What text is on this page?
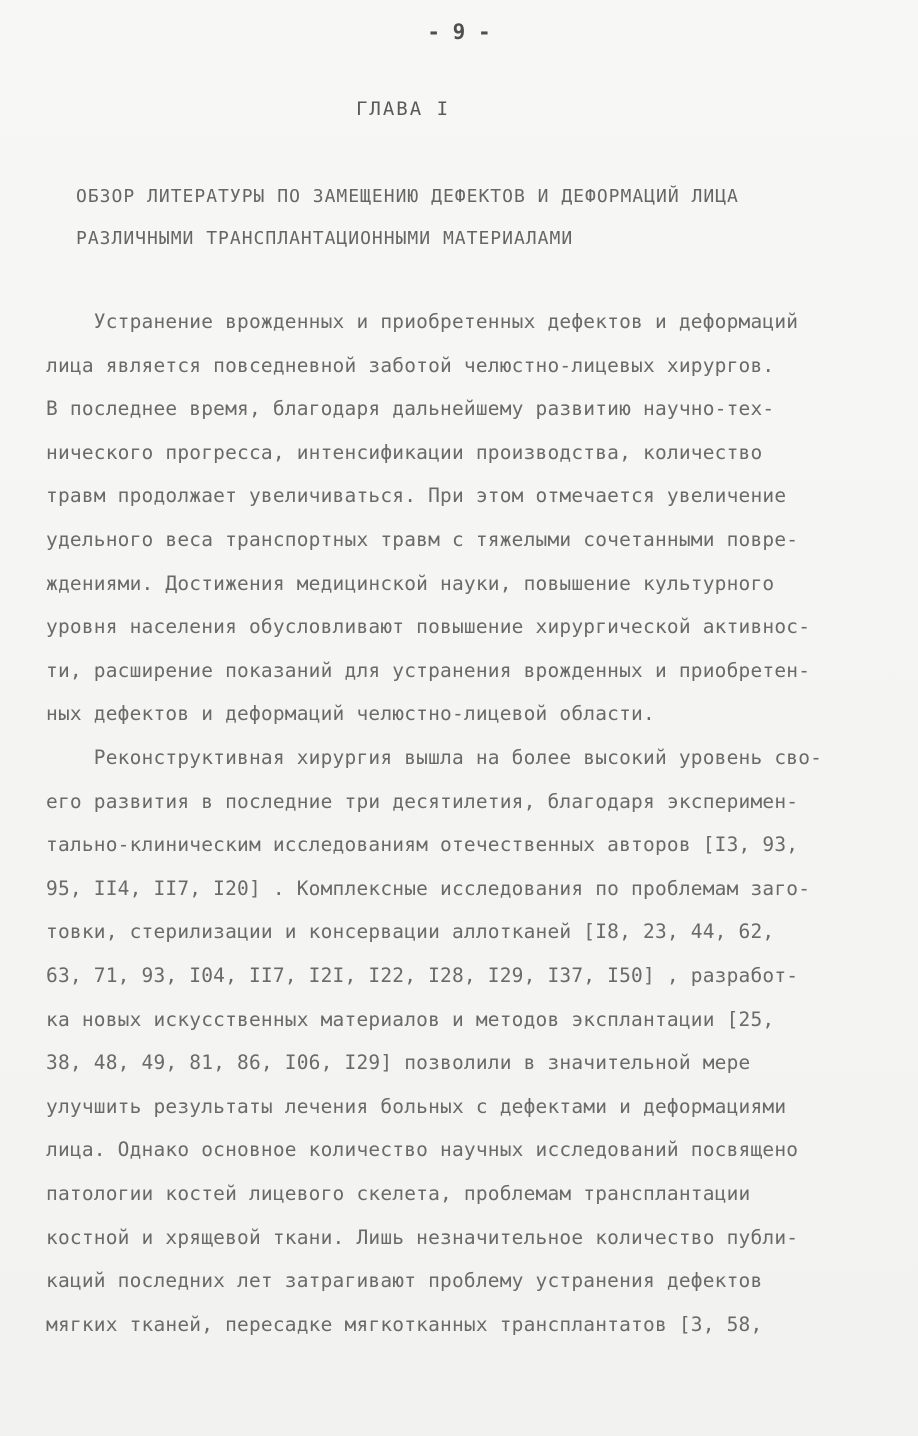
- 9 -
ГЛАВА I
ОБЗОР ЛИТЕРАТУРЫ ПО ЗАМЕЩЕНИЮ ДЕФЕКТОВ И ДЕФОРМАЦИЙ ЛИЦА
РАЗЛИЧНЫМИ ТРАНСПЛАНТАЦИОННЫМИ МАТЕРИАЛАМИ
Устранение врожденных и приобретенных дефектов и деформаций
лица является повседневной заботой челюстно-лицевых хирургов.
В последнее время, благодаря дальнейшему развитию научно-тех-
нического прогресса, интенсификации производства, количество
травм продолжает увеличиваться. При этом отмечается увеличение
удельного веса транспортных травм с тяжелыми сочетанными повре-
ждениями. Достижения медицинской науки, повышение культурного
уровня населения обусловливают повышение хирургической активнос-
ти, расширение показаний для устранения врожденных и приобретен-
ных дефектов и деформаций челюстно-лицевой области.
Реконструктивная хирургия вышла на более высокий уровень сво-
его развития в последние три десятилетия, благодаря эксперимен-
тально-клиническим исследованиям отечественных авторов [I3, 93,
95, II4, II7, I20] . Комплексные исследования по проблемам заго-
товки, стерилизации и консервации аллотканей [I8, 23, 44, 62,
63, 71, 93, I04, II7, I2I, I22, I28, I29, I37, I50] , разработ-
ка новых искусственных материалов и методов эксплантации [25,
38, 48, 49, 81, 86, I06, I29] позволили в значительной мере
улучшить результаты лечения больных с дефектами и деформациями
лица. Однако основное количество научных исследований посвящено
патологии костей лицевого скелета, проблемам трансплантации
костной и хрящевой ткани. Лишь незначительное количество публи-
каций последних лет затрагивают проблему устранения дефектов
мягких тканей, пересадке мягкотканных трансплантатов [3, 58,
